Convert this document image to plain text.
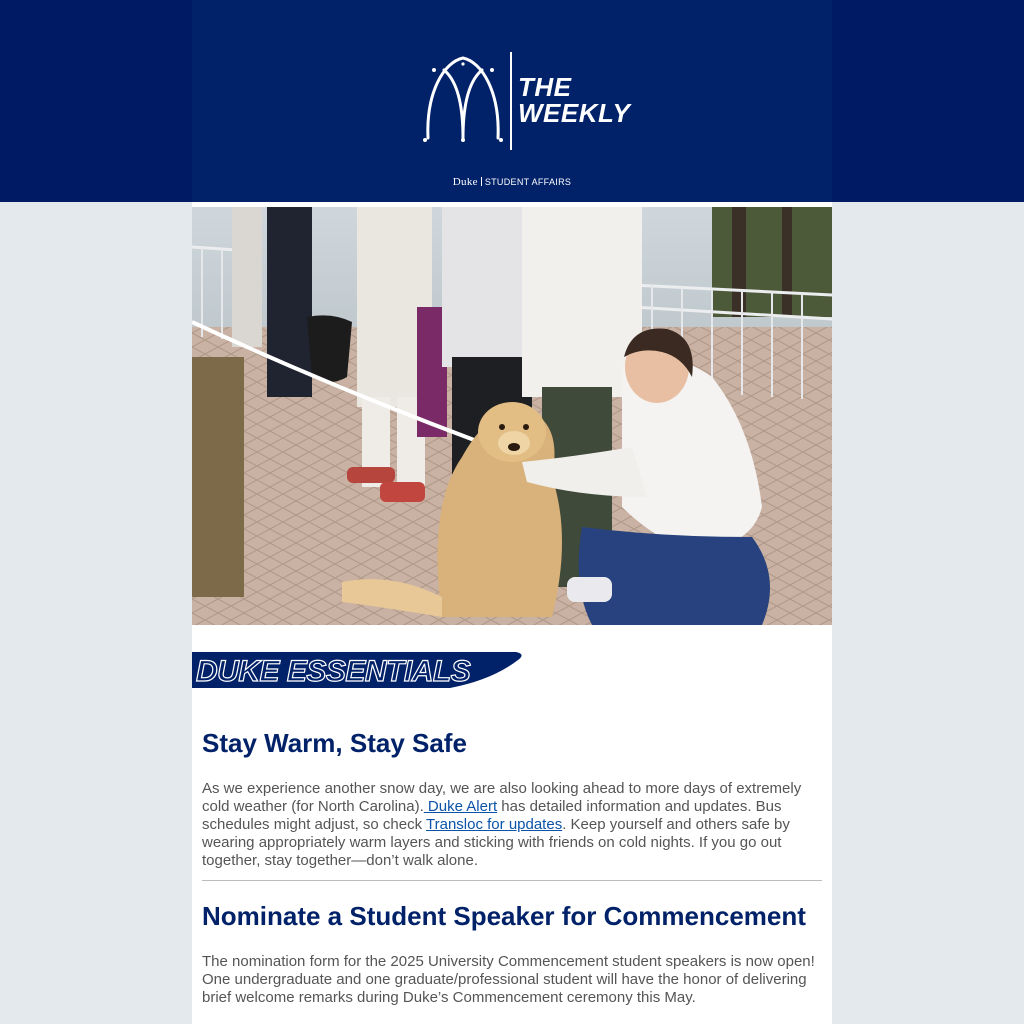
THE
WEEKLY
Duke STUDENT AFFAIRS
DUKE ESSENTIALS
Stay Warm, Stay Safe
As we experience another snow day, we are also looking ahead to more days of extremely cold weather (for North Carolina). Duke Alert has detailed information and updates. Bus schedules might adjust, so check Transloc for updates. Keep yourself and others safe by wearing appropriately warm layers and sticking with friends on cold nights. If you go out together, stay together—don’t walk alone.
Nominate a Student Speaker for Commencement
The nomination form for the 2025 University Commencement student speakers is now open! One undergraduate and one graduate/professional student will have the honor of delivering brief welcome remarks during Duke’s Commencement ceremony this May.
